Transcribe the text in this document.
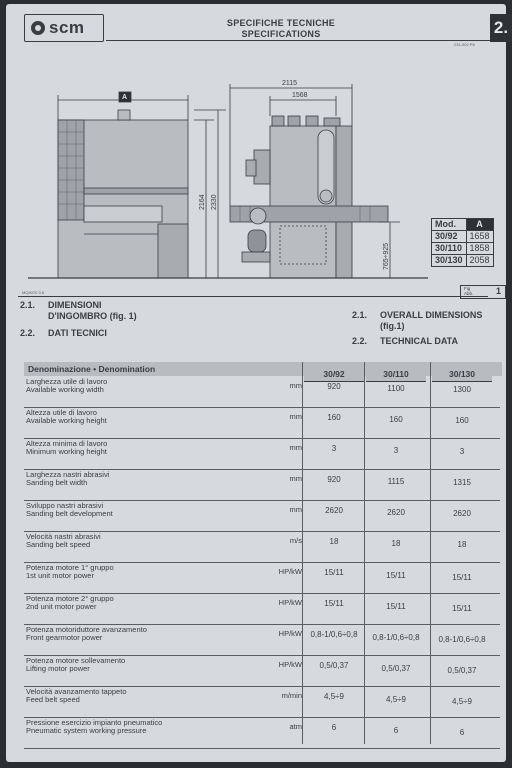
scm	SPECIFICHE TECNICHE
SPECIFICATIONS	2.
231-002 P6
A
2115
1568
2164 2330
765÷925
Mod.	A
30/92	1658
30/110	1858
30/130	2058
MQ4070 3.5
Fig
Abb.	1
2.1. DIMENSIONI
D'INGOMBRO (fig. 1)
2.2. DATI TECNICI
2.1. OVERALL DIMENSIONS
(fig.1)
2.2. TECHNICAL DATA
Denominazione • Denomination	30/92	30/110	30/130
Larghezza utile di lavoro
Available working width	mm	920	1100	1300
Altezza utile di lavoro
Available working height	mm	160	160	160
Altezza minima di lavoro
Minimum working height	mm	3	3	3
Larghezza nastri abrasivi
Sanding belt width	mm	920	1115	1315
Sviluppo nastri abrasivi
Sanding belt development	mm	2620	2620	2620
Velocità nastri abrasivi
Sanding belt speed	m/s	18	18	18
Potenza motore 1° gruppo
1st unit motor power	HP/kW	15/11	15/11	15/11
Potenza motore 2° gruppo
2nd unit motor power	HP/kW	15/11	15/11	15/11
Potenza motoriduttore avanzamento
Front gearmotor power	HP/kW	0,8-1/0,6÷0,8	0,8-1/0,6÷0,8	0,8-1/0,6÷0,8
Potenza motore sollevamento
Lifting motor power	HP/kW	0,5/0,37	0,5/0,37	0,5/0,37
Velocità avanzamento tappeto
Feed belt speed	m/min	4,5÷9	4,5÷9	4,5÷9
Pressione esercizio impianto pneumatico
Pneumatic system working pressure	atm	6	6	6
